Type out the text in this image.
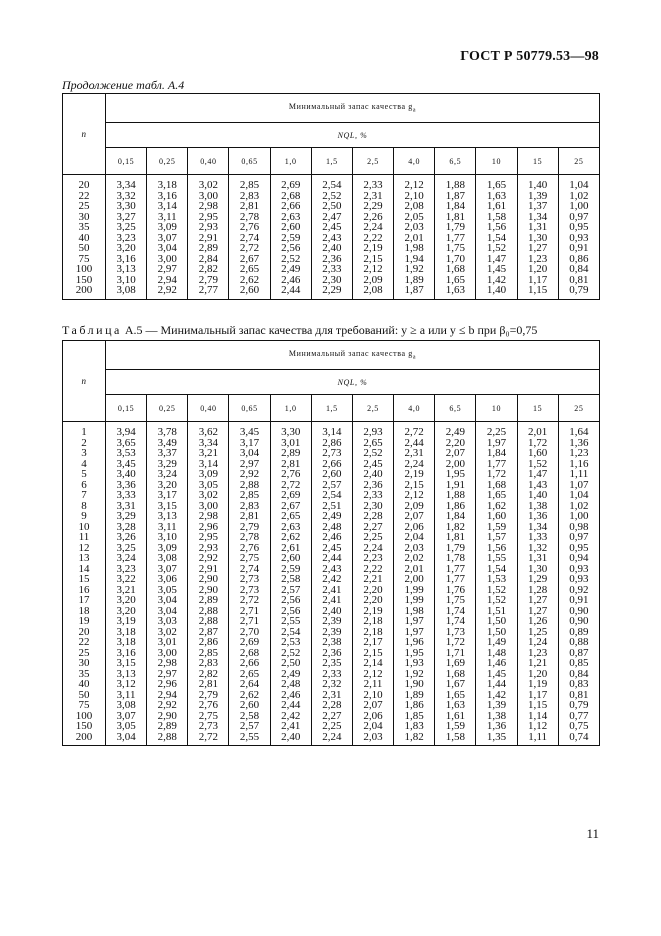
ГОСТ Р 50779.53—98
Продолжение табл. А.4
n	Минимальный запас качества $g_a$
	NQL, %											
	0,15	0,25	0,40	0,65	1,0	1,5	2,5	4,0	6,5	10	15	25
20	3,34	3,18	3,02	2,85	2,69	2,54	2,33	2,12	1,88	1,65	1,40	1,04
22	3,32	3,16	3,00	2,83	2,68	2,52	2,31	2,10	1,87	1,63	1,39	1,02
25	3,30	3,14	2,98	2,81	2,66	2,50	2,29	2,08	1,84	1,61	1,37	1,00
30	3,27	3,11	2,95	2,78	2,63	2,47	2,26	2,05	1,81	1,58	1,34	0,97
35	3,25	3,09	2,93	2,76	2,60	2,45	2,24	2,03	1,79	1,56	1,31	0,95
40	3,23	3,07	2,91	2,74	2,59	2,43	2,22	2,01	1,77	1,54	1,30	0,93
50	3,20	3,04	2,89	2,72	2,56	2,40	2,19	1,98	1,75	1,52	1,27	0,91
75	3,16	3,00	2,84	2,67	2,52	2,36	2,15	1,94	1,70	1,47	1,23	0,86
100	3,13	2,97	2,82	2,65	2,49	2,33	2,12	1,92	1,68	1,45	1,20	0,84
150	3,10	2,94	2,79	2,62	2,46	2,30	2,09	1,89	1,65	1,42	1,17	0,81
200	3,08	2,92	2,77	2,60	2,44	2,29	2,08	1,87	1,63	1,40	1,15	0,79
Таблица А.5 — Минимальный запас качества для требований: y ≥ a или y ≤ b при β₀=0,75
n	Минимальный запас качества $g_a$
	NQL, %											
	0,15	0,25	0,40	0,65	1,0	1,5	2,5	4,0	6,5	10	15	25
1	3,94	3,78	3,62	3,45	3,30	3,14	2,93	2,72	2,49	2,25	2,01	1,64
2	3,65	3,49	3,34	3,17	3,01	2,86	2,65	2,44	2,20	1,97	1,72	1,36
3	3,53	3,37	3,21	3,04	2,89	2,73	2,52	2,31	2,07	1,84	1,60	1,23
4	3,45	3,29	3,14	2,97	2,81	2,66	2,45	2,24	2,00	1,77	1,52	1,16
5	3,40	3,24	3,09	2,92	2,76	2,60	2,40	2,19	1,95	1,72	1,47	1,11
6	3,36	3,20	3,05	2,88	2,72	2,57	2,36	2,15	1,91	1,68	1,43	1,07
7	3,33	3,17	3,02	2,85	2,69	2,54	2,33	2,12	1,88	1,65	1,40	1,04
8	3,31	3,15	3,00	2,83	2,67	2,51	2,30	2,09	1,86	1,62	1,38	1,02
9	3,29	3,13	2,98	2,81	2,65	2,49	2,28	2,07	1,84	1,60	1,36	1,00
10	3,28	3,11	2,96	2,79	2,63	2,48	2,27	2,06	1,82	1,59	1,34	0,98
11	3,26	3,10	2,95	2,78	2,62	2,46	2,25	2,04	1,81	1,57	1,33	0,97
12	3,25	3,09	2,93	2,76	2,61	2,45	2,24	2,03	1,79	1,56	1,32	0,95
13	3,24	3,08	2,92	2,75	2,60	2,44	2,23	2,02	1,78	1,55	1,31	0,94
14	3,23	3,07	2,91	2,74	2,59	2,43	2,22	2,01	1,77	1,54	1,30	0,93
15	3,22	3,06	2,90	2,73	2,58	2,42	2,21	2,00	1,77	1,53	1,29	0,93
16	3,21	3,05	2,90	2,73	2,57	2,41	2,20	1,99	1,76	1,52	1,28	0,92
17	3,20	3,04	2,89	2,72	2,56	2,41	2,20	1,99	1,75	1,52	1,27	0,91
18	3,20	3,04	2,88	2,71	2,56	2,40	2,19	1,98	1,74	1,51	1,27	0,90
19	3,19	3,03	2,88	2,71	2,55	2,39	2,18	1,97	1,74	1,50	1,26	0,90
20	3,18	3,02	2,87	2,70	2,54	2,39	2,18	1,97	1,73	1,50	1,25	0,89
22	3,18	3,01	2,86	2,69	2,53	2,38	2,17	1,96	1,72	1,49	1,24	0,88
25	3,16	3,00	2,85	2,68	2,52	2,36	2,15	1,95	1,71	1,48	1,23	0,87
30	3,15	2,98	2,83	2,66	2,50	2,35	2,14	1,93	1,69	1,46	1,21	0,85
35	3,13	2,97	2,82	2,65	2,49	2,33	2,12	1,92	1,68	1,45	1,20	0,84
40	3,12	2,96	2,81	2,64	2,48	2,32	2,11	1,90	1,67	1,44	1,19	0,83
50	3,11	2,94	2,79	2,62	2,46	2,31	2,10	1,89	1,65	1,42	1,17	0,81
75	3,08	2,92	2,76	2,60	2,44	2,28	2,07	1,86	1,63	1,39	1,15	0,79
100	3,07	2,90	2,75	2,58	2,42	2,27	2,06	1,85	1,61	1,38	1,14	0,77
150	3,05	2,89	2,73	2,57	2,41	2,25	2,04	1,83	1,59	1,36	1,12	0,75
200	3,04	2,88	2,72	2,55	2,40	2,24	2,03	1,82	1,58	1,35	1,11	0,74
11
